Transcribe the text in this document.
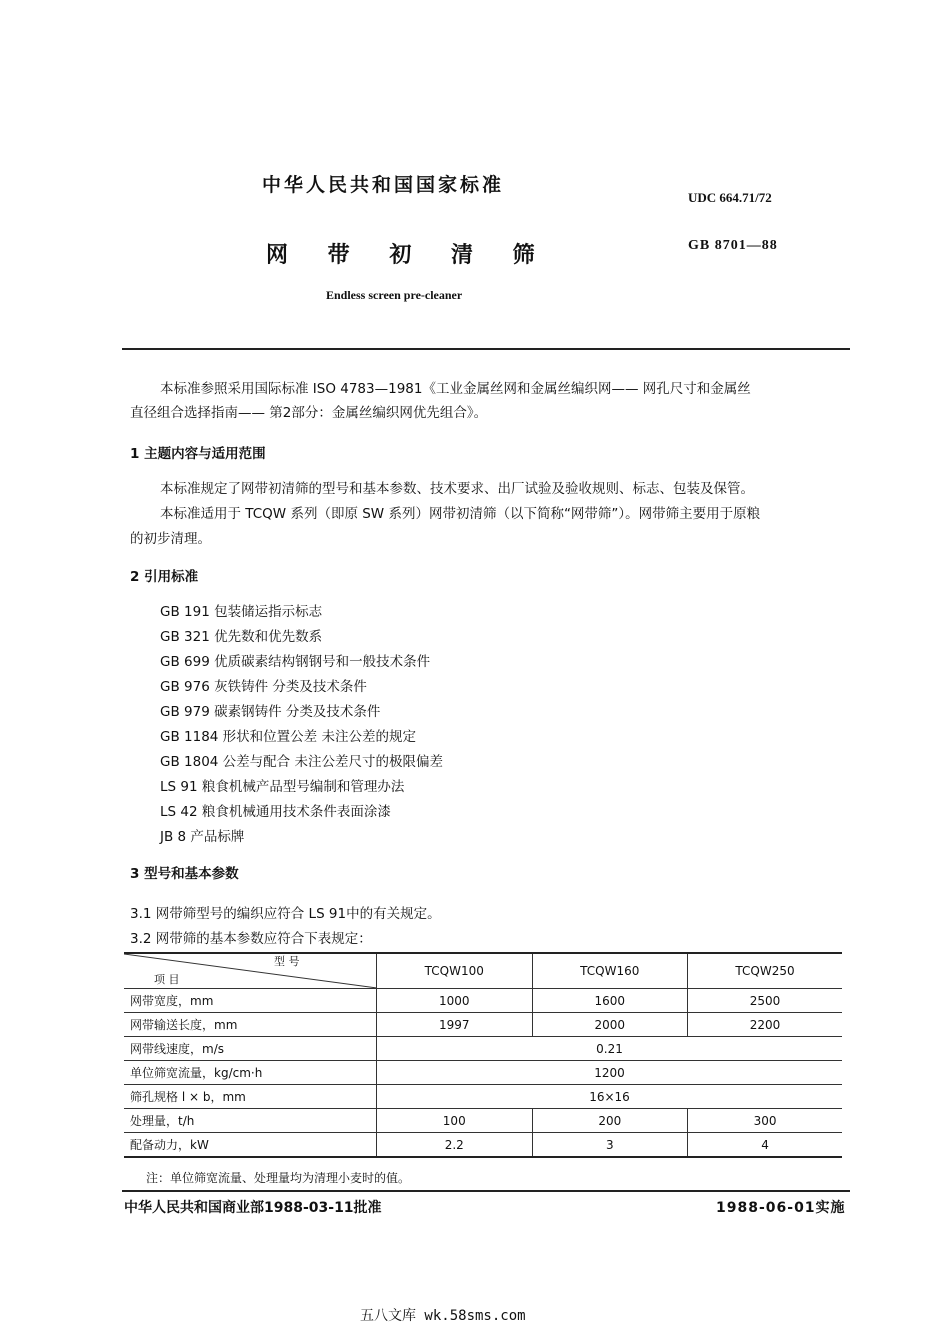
中华人民共和国国家标准
UDC 664.71/72
网 带 初 清 筛	GB 8701—88
Endless screen pre-cleaner
本标准参照采用国际标准 ISO 4783—1981《工业金属丝网和金属丝编织网—— 网孔尺寸和金属丝
直径组合选择指南—— 第2部分：金属丝编织网优先组合》。
1 主题内容与适用范围
本标准规定了网带初清筛的型号和基本参数、技术要求、出厂试验及验收规则、标志、包装及保管。
本标准适用于 TCQW 系列（即原 SW 系列）网带初清筛（以下简称“网带筛”）。网带筛主要用于原粮
的初步清理。
2 引用标准
GB 191 包装储运指示标志
GB 321 优先数和优先数系
GB 699 优质碳素结构钢钢号和一般技术条件
GB 976 灰铁铸件 分类及技术条件
GB 979 碳素钢铸件 分类及技术条件
GB 1184 形状和位置公差 未注公差的规定
GB 1804 公差与配合 未注公差尺寸的极限偏差
LS 91 粮食机械产品型号编制和管理办法
LS 42 粮食机械通用技术条件表面涂漆
JB 8 产品标牌
3 型号和基本参数
3.1 网带筛型号的编织应符合 LS 91中的有关规定。
3.2 网带筛的基本参数应符合下表规定：
型 号
项 目	TCQW100	TCQW160	TCQW250
网带宽度，mm	1000	1600	2500
网带输送长度，mm	1997	2000	2200
网带线速度，m/s	0.21		
单位筛宽流量，kg/cm·h	1200		
筛孔规格 l × b，mm	16×16		
处理量，t/h	100	200	300
配备动力，kW	2.2	3	4
注：单位筛宽流量、处理量均为清理小麦时的值。
中华人民共和国商业部1988-03-11批准	1988-06-01实施
五八文库 wk.58sms.com
